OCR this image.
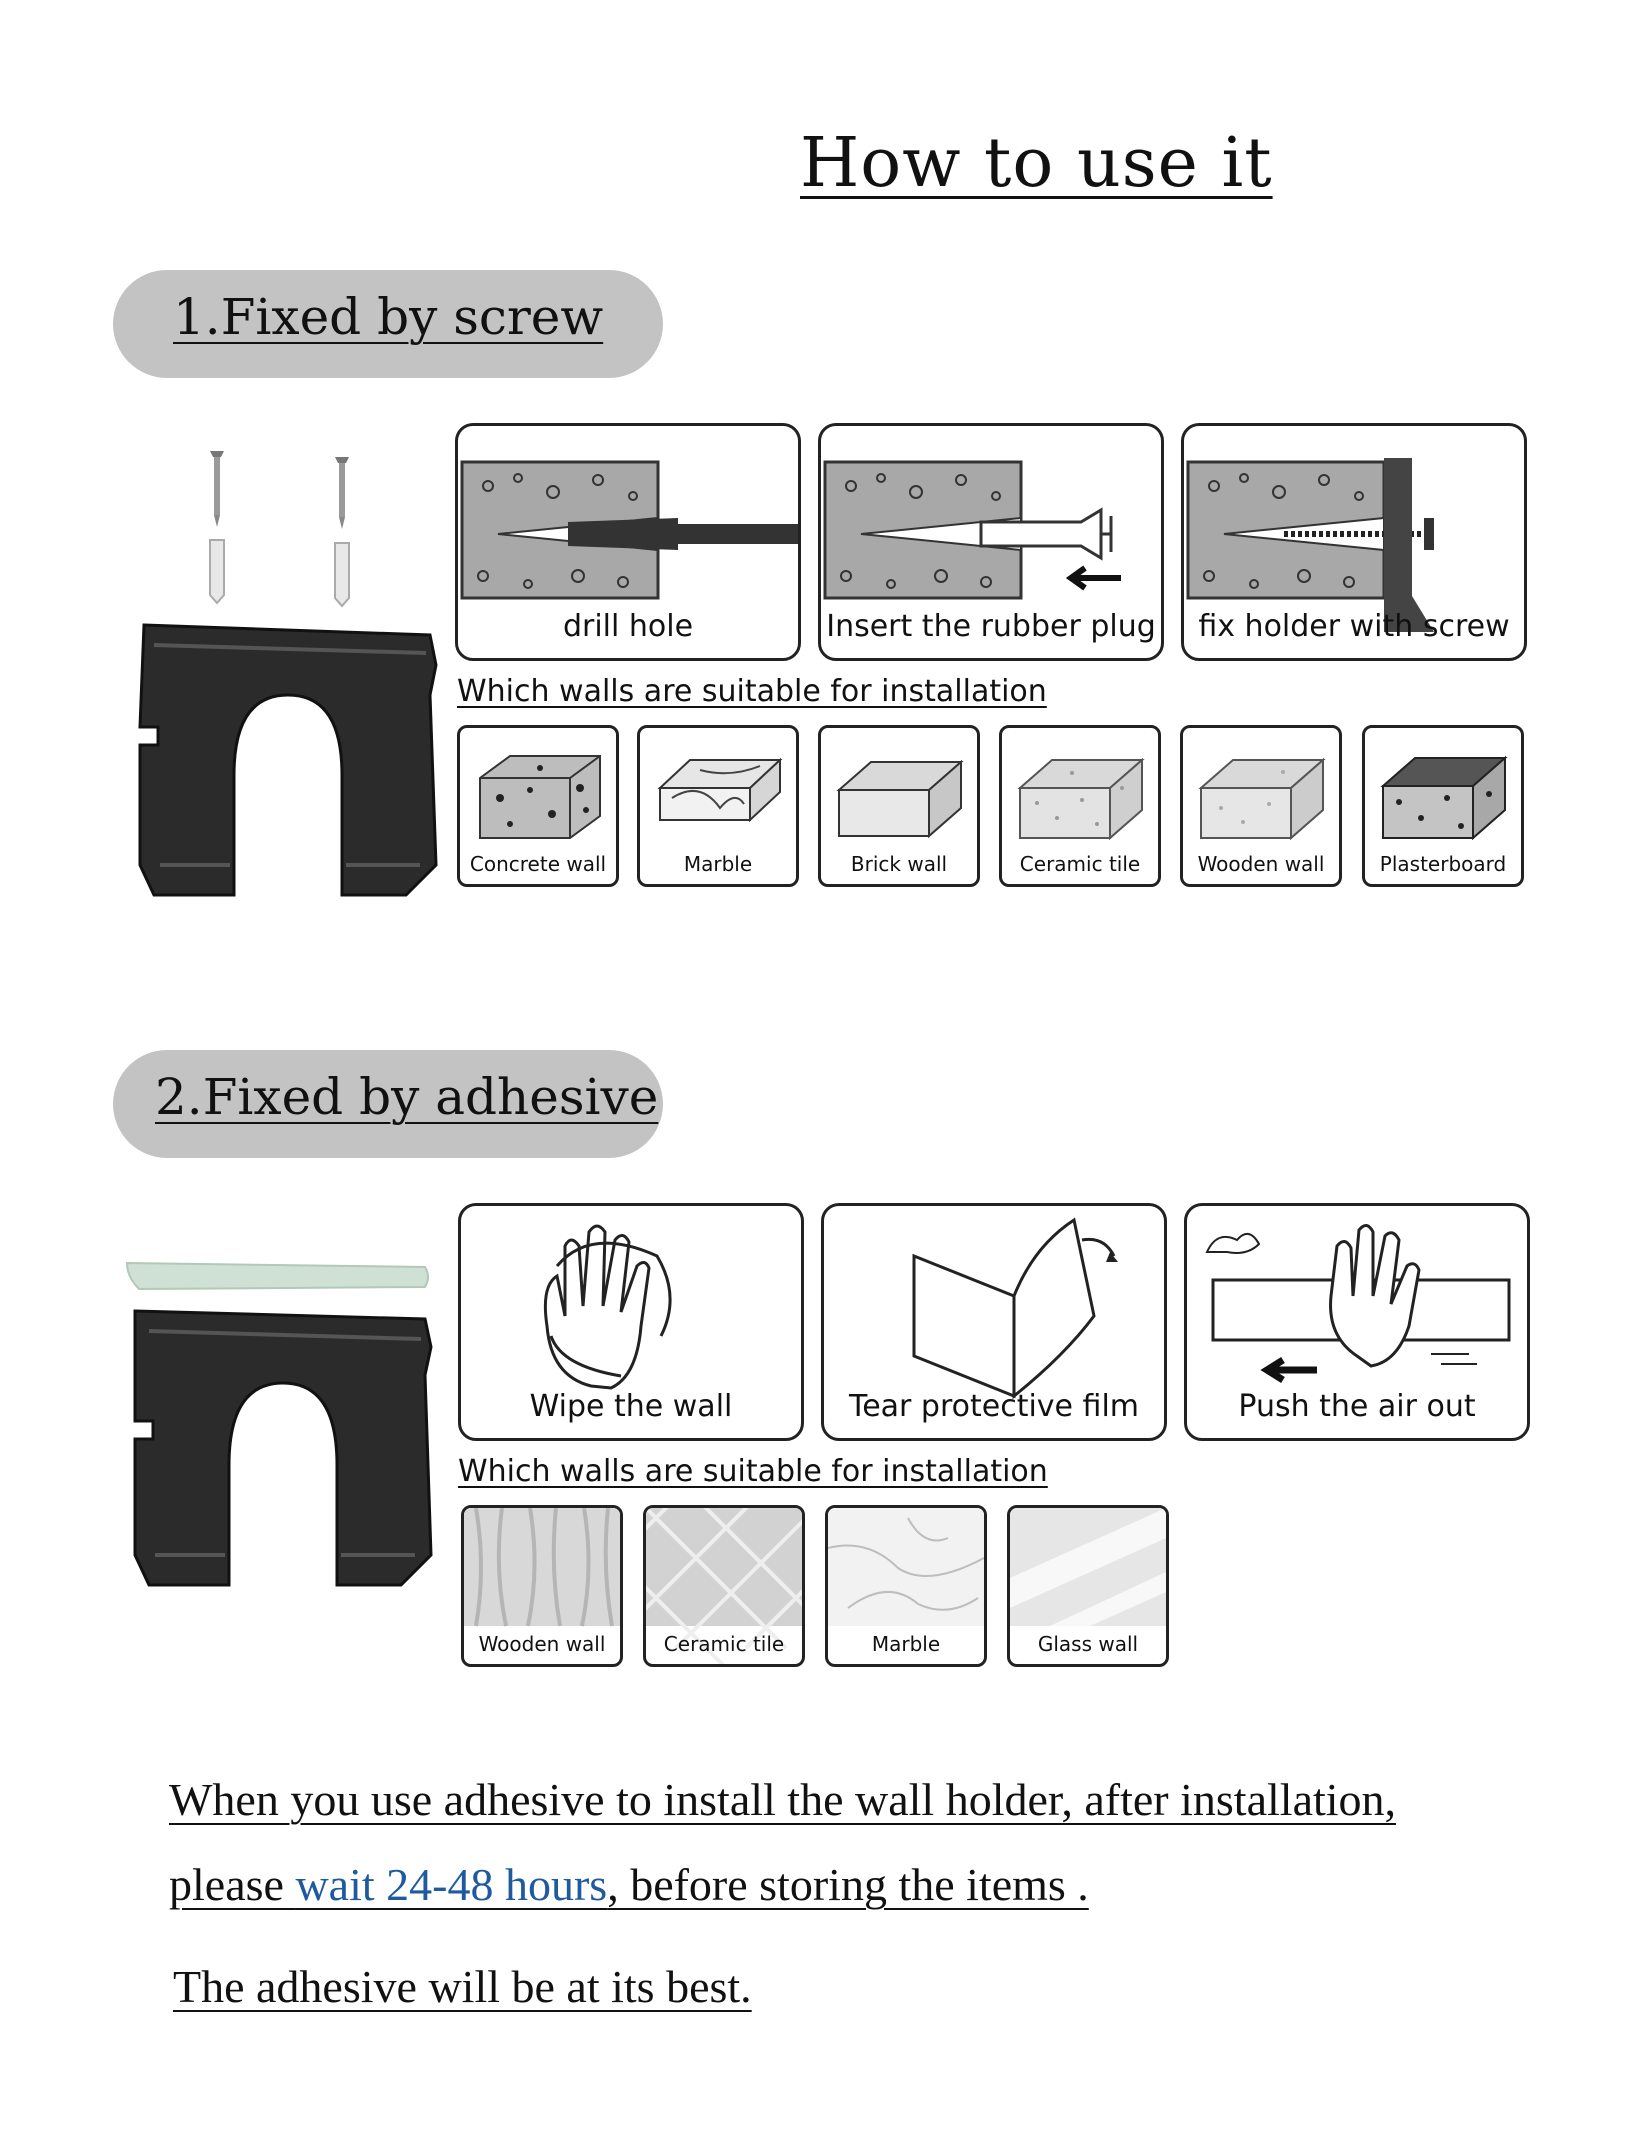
How to use it
1.Fixed by screw
drill hole	Insert the rubber plug	fix holder with screw
Which walls are suitable for installation
Concrete wall	Marble	Brick wall	Ceramic tile	Wooden wall	Plasterboard
2.Fixed by adhesive
Wipe the wall	Tear protective film	Push the air out
Which walls are suitable for installation
Wooden wall	Ceramic tile	Marble	Glass wall
When you use adhesive to install the wall holder, after installation,
please wait 24-48 hours, before storing the items .
The adhesive will be at its best.
